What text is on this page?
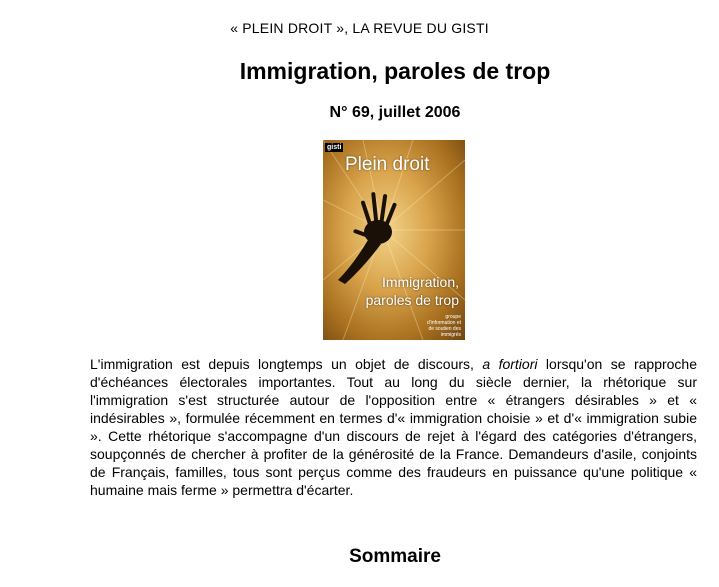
« PLEIN DROIT », LA REVUE DU GISTI
Immigration, paroles de trop
N° 69, juillet 2006
gisti
Plein droit
Immigration,
paroles de trop
groupe d'information et de soutien des immigrés

L'immigration est depuis longtemps un objet de discours, a fortiori lorsqu'on se rapproche d'échéances électorales importantes. Tout au long du siècle dernier, la rhétorique sur l'immigration s'est structurée autour de l'opposition entre « étrangers désirables » et « indésirables », formulée récemment en termes d'« immigration choisie » et d'« immigration subie ». Cette rhétorique s'accompagne d'un discours de rejet à l'égard des catégories d'étrangers, soupçonnés de chercher à profiter de la générosité de la France. Demandeurs d'asile, conjoints de Français, familles, tous sont perçus comme des fraudeurs en puissance qu'une politique « humaine mais ferme » permettra d'écarter.

Sommaire
